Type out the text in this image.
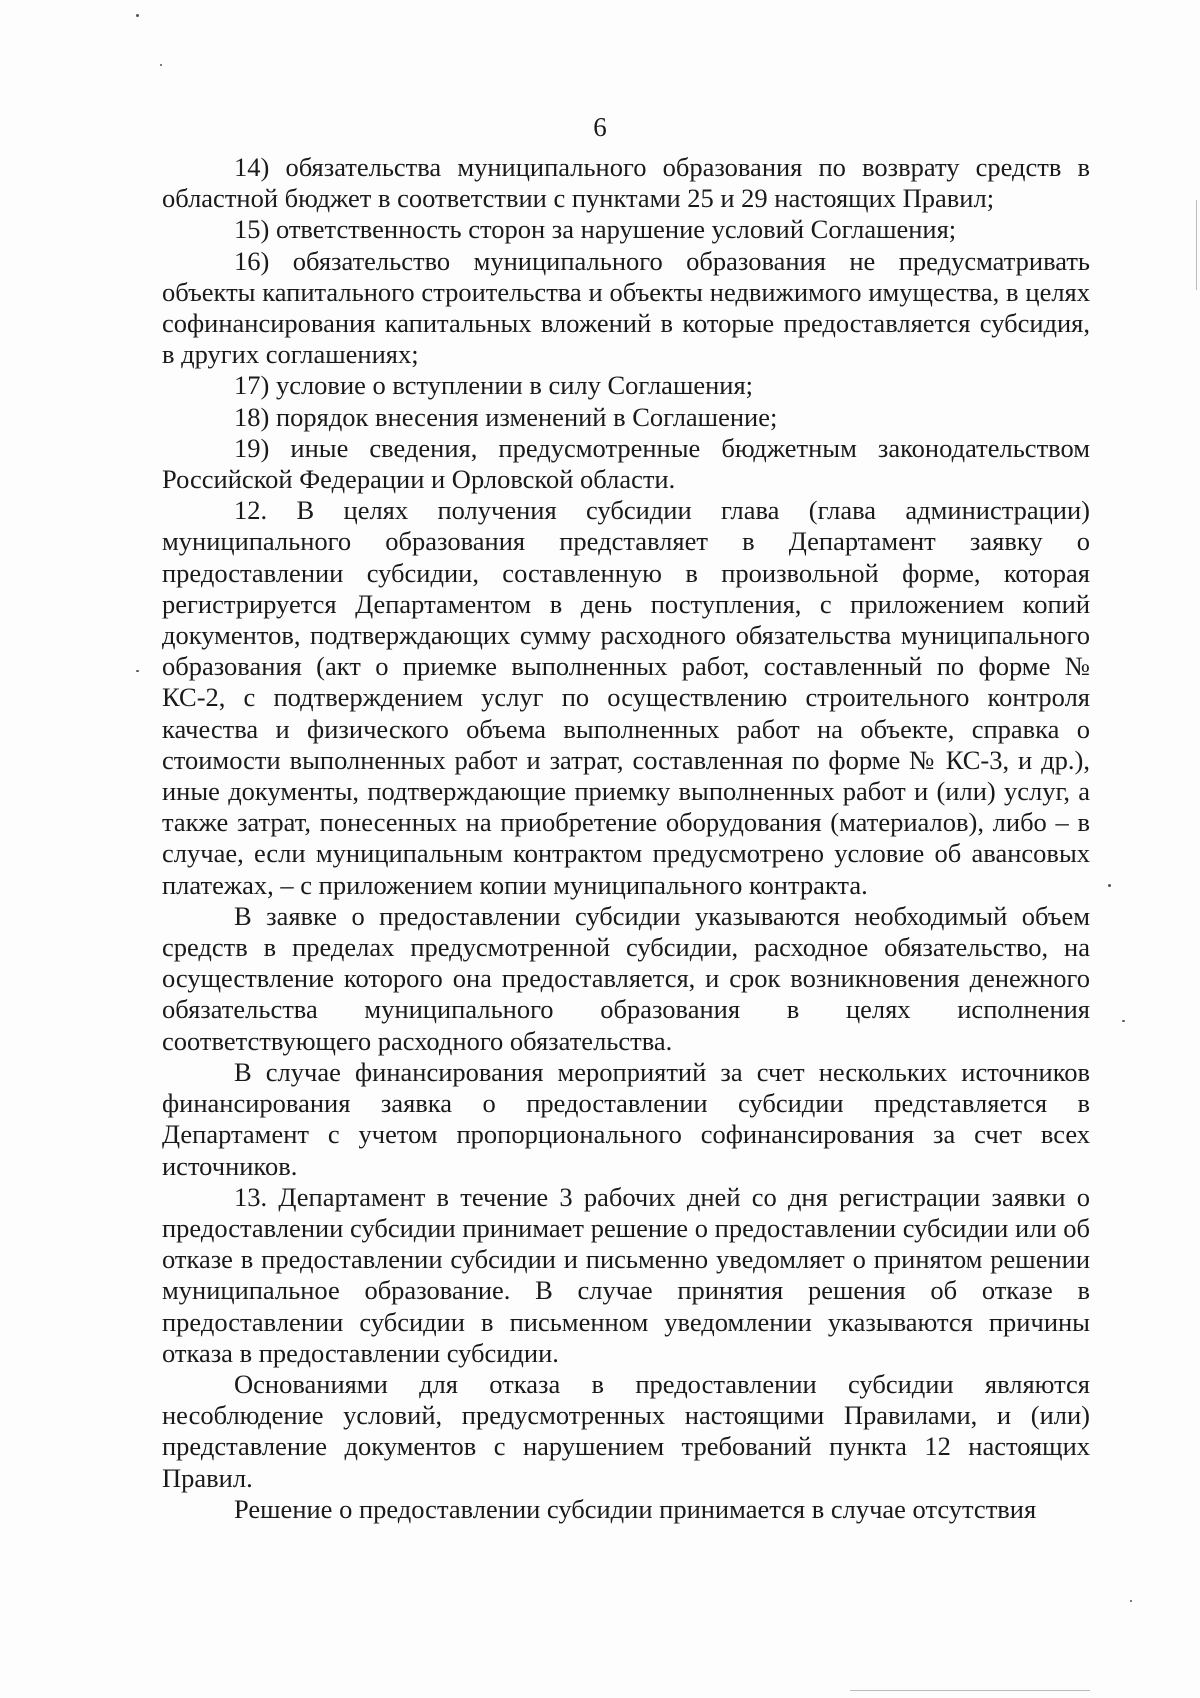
6

14) обязательства муниципального образования по возврату средств в областной бюджет в соответствии с пунктами 25 и 29 настоящих Правил;

15) ответственность сторон за нарушение условий Соглашения;

16) обязательство муниципального образования не предусматривать объекты капитального строительства и объекты недвижимого имущества, в целях софинансирования капитальных вложений в которые предоставляется субсидия, в других соглашениях;

17) условие о вступлении в силу Соглашения;

18) порядок внесения изменений в Соглашение;

19) иные сведения, предусмотренные бюджетным законодательством Российской Федерации и Орловской области.

12. В целях получения субсидии глава (глава администрации) муниципального образования представляет в Департамент заявку о предоставлении субсидии, составленную в произвольной форме, которая регистрируется Департаментом в день поступления, с приложением копий документов, подтверждающих сумму расходного обязательства муниципального образования (акт о приемке выполненных работ, составленный по форме № КС-2, с подтверждением услуг по осуществлению строительного контроля качества и физического объема выполненных работ на объекте, справка о стоимости выполненных работ и затрат, составленная по форме № КС-3, и др.), иные документы, подтверждающие приемку выполненных работ и (или) услуг, а также затрат, понесенных на приобретение оборудования (материалов), либо – в случае, если муниципальным контрактом предусмотрено условие об авансовых платежах, – с приложением копии муниципального контракта.

В заявке о предоставлении субсидии указываются необходимый объем средств в пределах предусмотренной субсидии, расходное обязательство, на осуществление которого она предоставляется, и срок возникновения денежного обязательства муниципального образования в целях исполнения соответствующего расходного обязательства.

В случае финансирования мероприятий за счет нескольких источников финансирования заявка о предоставлении субсидии представляется в Департамент с учетом пропорционального софинансирования за счет всех источников.

13. Департамент в течение 3 рабочих дней со дня регистрации заявки о предоставлении субсидии принимает решение о предоставлении субсидии или об отказе в предоставлении субсидии и письменно уведомляет о принятом решении муниципальное образование. В случае принятия решения об отказе в предоставлении субсидии в письменном уведомлении указываются причины отказа в предоставлении субсидии.

Основаниями для отказа в предоставлении субсидии являются несоблюдение условий, предусмотренных настоящими Правилами, и (или) представление документов с нарушением требований пункта 12 настоящих Правил.

Решение о предоставлении субсидии принимается в случае отсутствия
